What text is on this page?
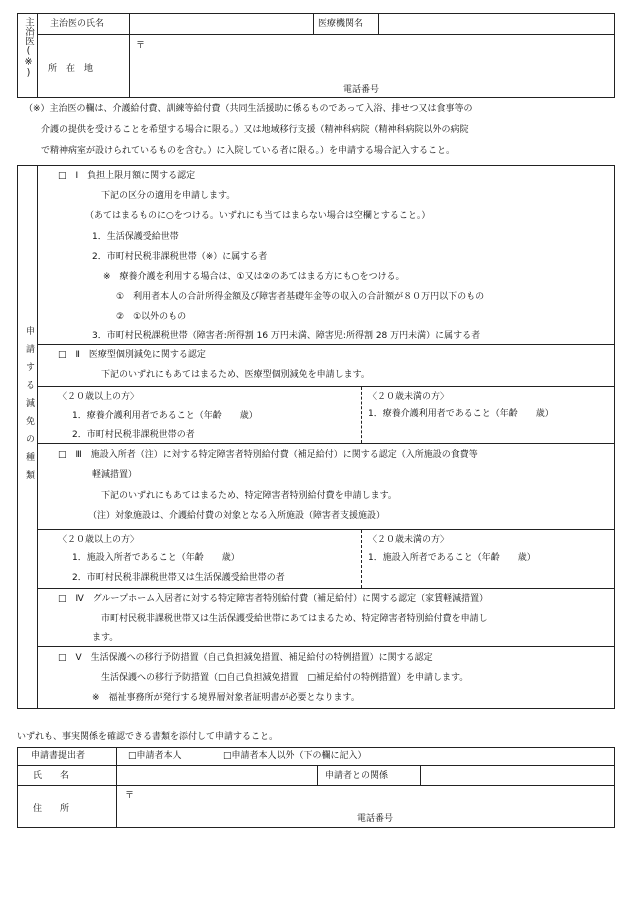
主治医(※) 主治医の氏名	医療機関名
所　在　地
〒
電話番号
（※）主治医の欄は、介護給付費、訓練等給付費（共同生活援助に係るものであって入浴、排せつ又は食事等の
介護の提供を受けることを希望する場合に限る。）又は地域移行支援（精神科病院（精神科病院以外の病院
で精神病室が設けられているものを含む。）に入院している者に限る。）を申請する場合記入すること。
申請する減免の種類
□　Ⅰ　負担上限月額に関する認定
下記の区分の適用を申請します。
（あてはまるものに○をつける。いずれにも当てはまらない場合は空欄とすること。）
1．生活保護受給世帯
2．市町村民税非課税世帯（※）に属する者
※　療養介護を利用する場合は、①又は②のあてはまる方にも○をつける。
①　利用者本人の合計所得金額及び障害者基礎年金等の収入の合計額が８０万円以下のもの
②　①以外のもの
3．市町村民税課税世帯（障害者:所得割 16 万円未満、障害児:所得割 28 万円未満）に属する者
□　Ⅱ　医療型個別減免に関する認定
下記のいずれにもあてはまるため、医療型個別減免を申請します。
〈２０歳以上の方〉
1．療養介護利用者であること（年齢　　歳）
2．市町村民税非課税世帯の者
〈２０歳未満の方〉
1．療養介護利用者であること（年齢　　歳）
□　Ⅲ　施設入所者（注）に対する特定障害者特別給付費（補足給付）に関する認定（入所施設の食費等
軽減措置）
下記のいずれにもあてはまるため、特定障害者特別給付費を申請します。
（注）対象施設は、介護給付費の対象となる入所施設（障害者支援施設）
〈２０歳以上の方〉
1．施設入所者であること（年齢　　歳）
2．市町村民税非課税世帯又は生活保護受給世帯の者
〈２０歳未満の方〉
1．施設入所者であること（年齢　　歳）
□　Ⅳ　グループホーム入居者に対する特定障害者特別給付費（補足給付）に関する認定（家賃軽減措置）
市町村民税非課税世帯又は生活保護受給世帯にあてはまるため、特定障害者特別給付費を申請し
ます。
□　Ⅴ　生活保護への移行予防措置（自己負担減免措置、補足給付の特例措置）に関する認定
生活保護への移行予防措置（□自己負担減免措置　□補足給付の特例措置）を申請します。
※　福祉事務所が発行する境界層対象者証明書が必要となります。
いずれも、事実関係を確認できる書類を添付して申請すること。
申請書提出者	□申請者本人	□申請者本人以外（下の欄に記入）
氏　　名	申請者との関係
住　　所
〒
電話番号
